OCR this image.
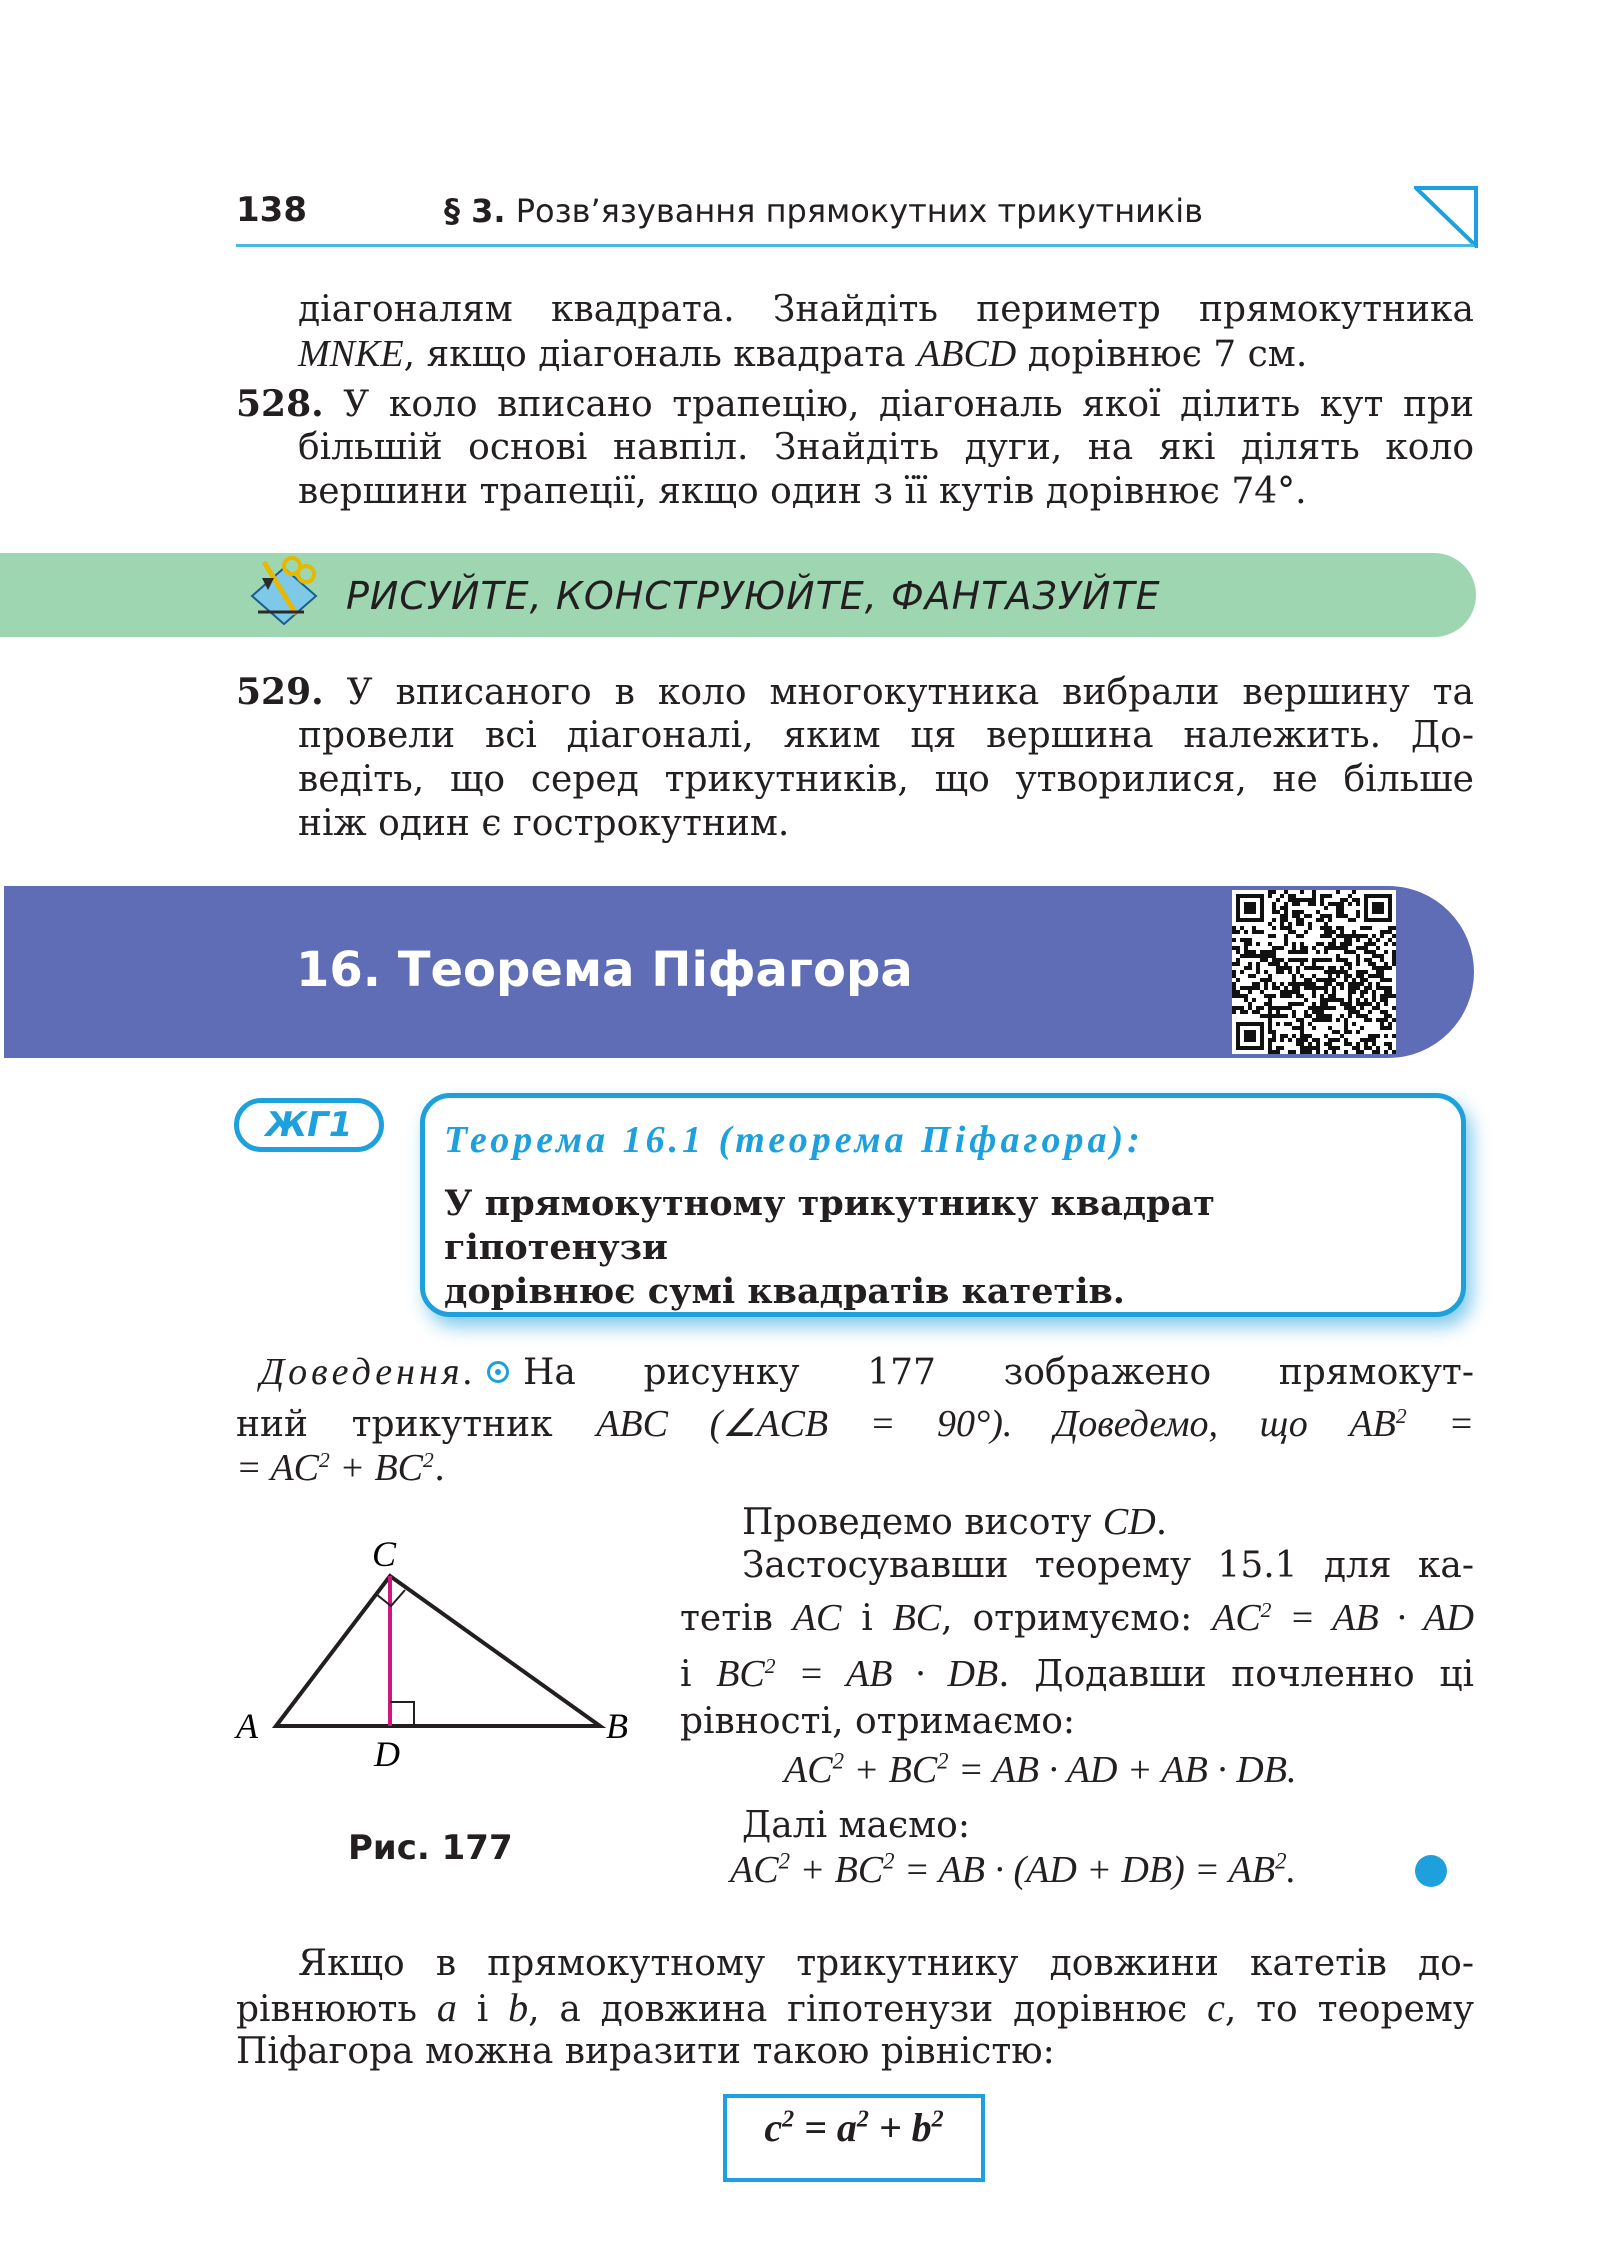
138	§ 3. Розв’язування прямокутних трикутників
діагоналям квадрата. Знайдіть периметр прямокутника
MNKE, якщо діагональ квадрата ABCD дорівнює 7 см.
528. У коло вписано трапецію, діагональ якої ділить кут при
більшій основі навпіл. Знайдіть дуги, на які ділять коло
вершини трапеції, якщо один з її кутів дорівнює 74°.
РИСУЙТЕ, КОНСТРУЮЙТЕ, ФАНТАЗУЙТЕ
529. У вписаного в коло многокутника вибрали вершину та
провели всі діагоналі, яким ця вершина належить. До-
ведіть, що серед трикутників, що утворилися, не більше
ніж один є гострокутним.
16. Теорема Піфагора
ЖГ1	Теорема 16.1 (теорема Піфагора):
У прямокутному трикутнику квадрат гіпотенузи
дорівнює сумі квадратів катетів.
Доведення. На рисунку 177 зображено прямокут-
ний трикутник ABC (∠ACB = 90°). Доведемо, що $AB^2$ =
= $AC^2 + BC^2$.
C
A	B
D
Рис. 177
Проведемо висоту CD.
Застосувавши теорему 15.1 для ка-
тетів AC і BC, отримуємо: $AC^2$ = AB · AD
і $BC^2$ = AB · DB. Додавши почленно ці
рівності, отримаємо:
$AC^2 + BC^2$ = AB · AD + AB · DB.
Далі маємо:
$AC^2 + BC^2$ = AB · $(AD + DB) = AB^2$.
Якщо в прямокутному трикутнику довжини катетів до-
рівнюють a і b, а довжина гіпотенузи дорівнює c, то теорему
Піфагора можна виразити такою рівністю:
$c^2 = a^2 + b^2$
